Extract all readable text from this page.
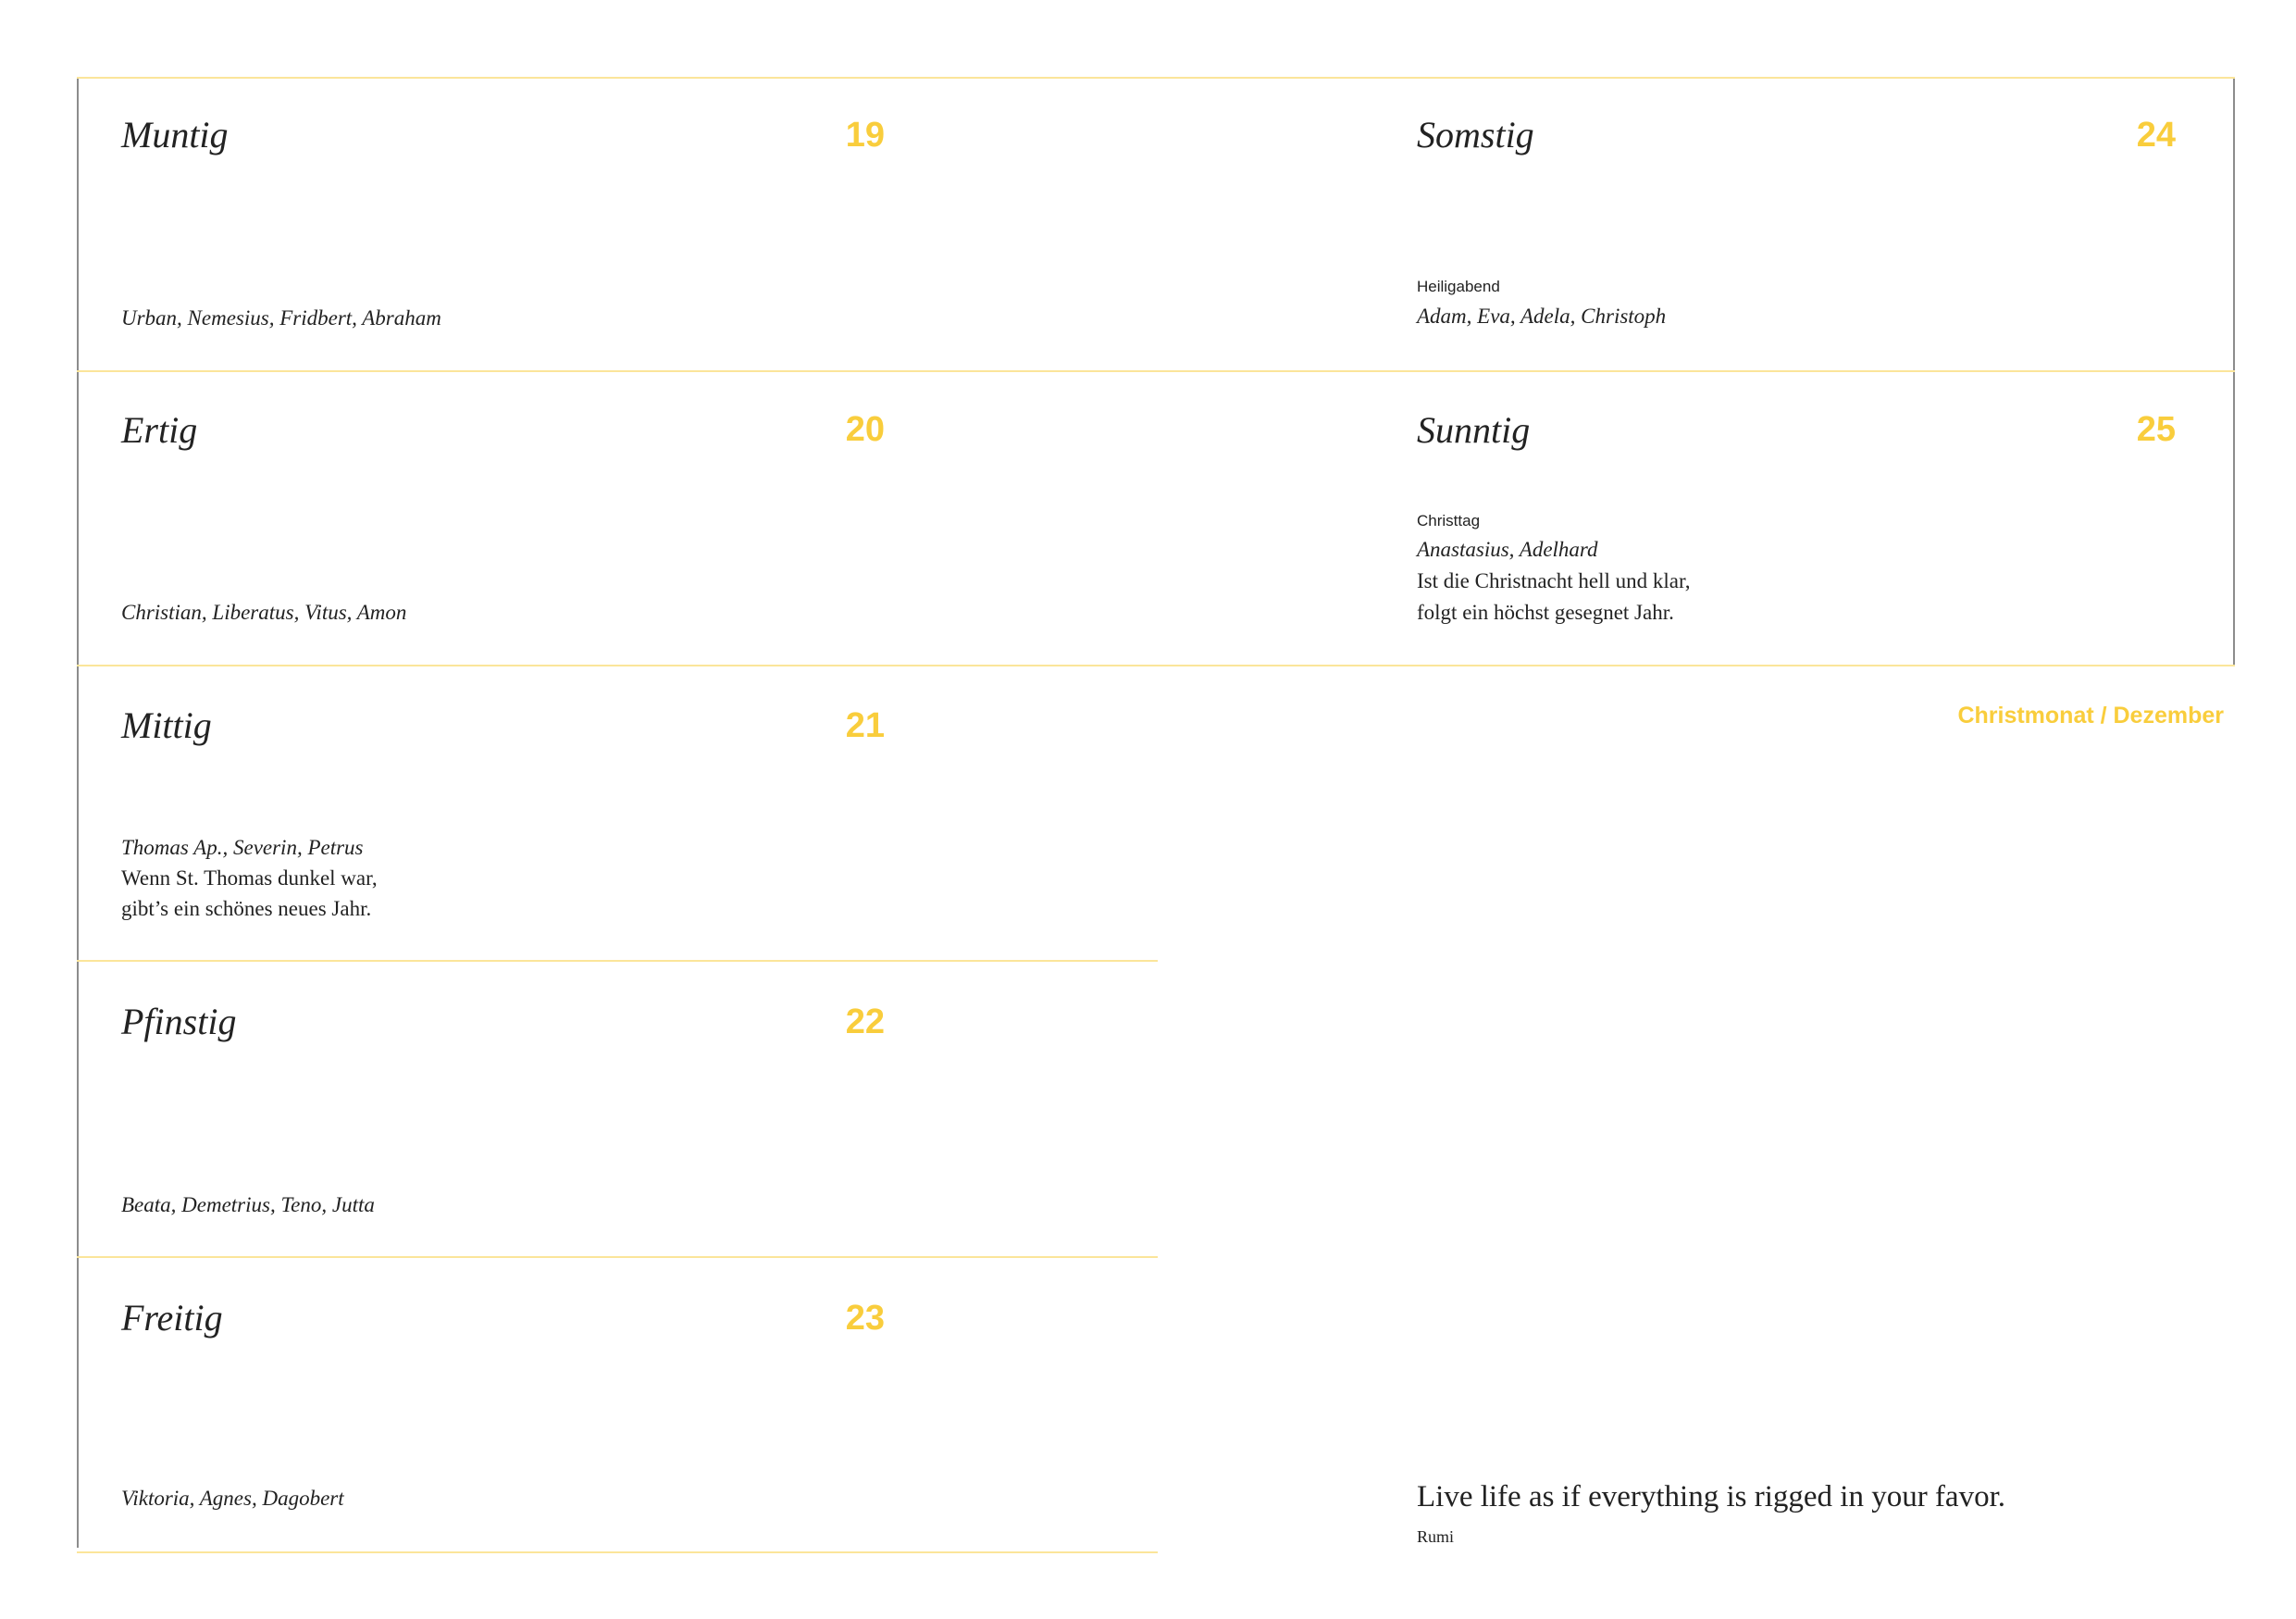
Muntig	19
Urban, Nemesius, Fridbert, Abraham
Ertig	20
Christian, Liberatus, Vitus, Amon
Mittig	21
Thomas Ap., Severin, Petrus
Wenn St. Thomas dunkel war,
gibt’s ein schönes neues Jahr.
Pfinstig	22
Beata, Demetrius, Teno, Jutta
Freitig	23
Viktoria, Agnes, Dagobert
Somstig	24
Heiligabend
Adam, Eva, Adela, Christoph
Sunntig	25
Christtag
Anastasius, Adelhard
Ist die Christnacht hell und klar,
folgt ein höchst gesegnet Jahr.
Christmonat / Dezember
Live life as if everything is rigged in your favor.
Rumi
